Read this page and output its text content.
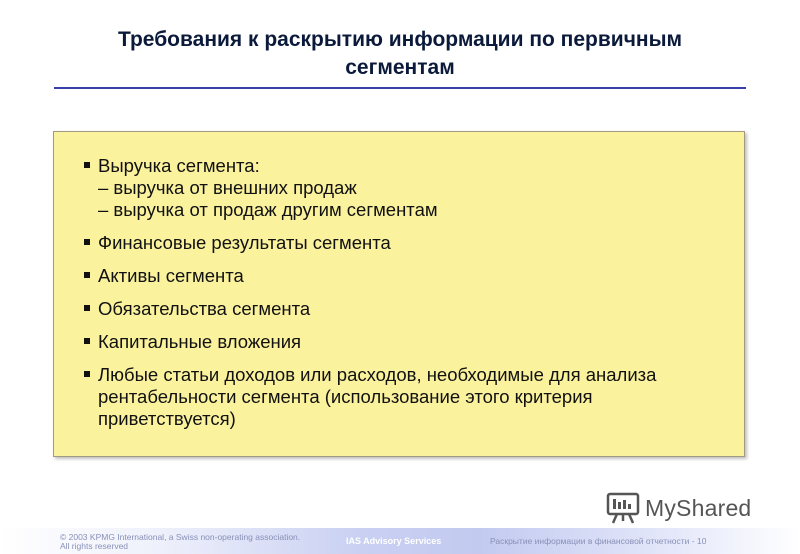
Требования к раскрытию информации по первичным
сегментам
Выручка сегмента:
– выручка от внешних продаж
– выручка от продаж другим сегментам
Финансовые результаты сегмента
Активы сегмента
Обязательства сегмента
Капитальные вложения
Любые статьи доходов или расходов, необходимые для анализа рентабельности сегмента (использование этого критерия приветствуется)
© 2003 KPMG International, a Swiss non-operating association.
All rights reserved	IAS Advisory Services	Раскрытие информации в финансовой отчетности - 10
MyShared
